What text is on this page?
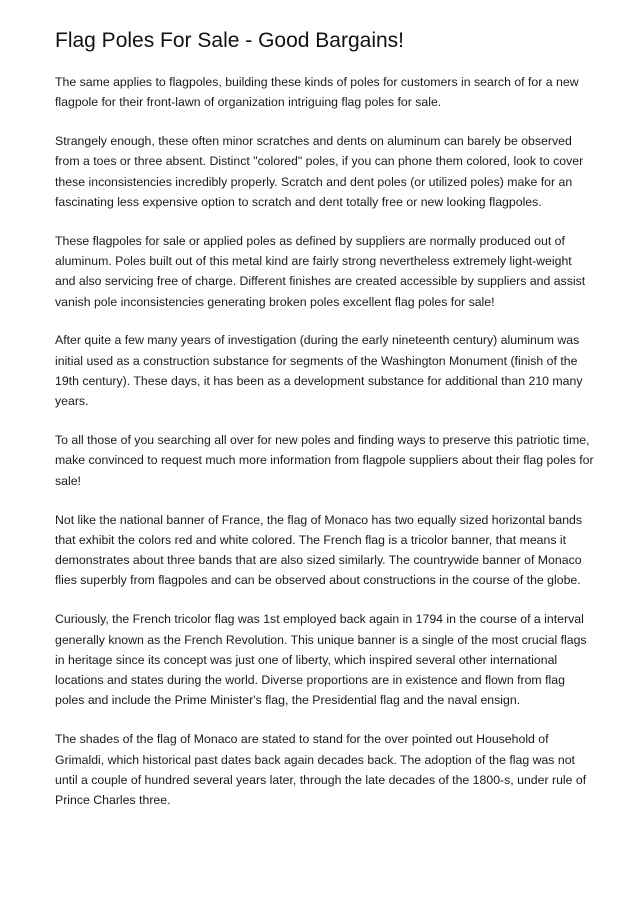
Flag Poles For Sale - Good Bargains!

The same applies to flagpoles, building these kinds of poles for customers in search of for a new flagpole for their front-lawn of organization intriguing flag poles for sale.

Strangely enough, these often minor scratches and dents on aluminum can barely be observed from a toes or three absent. Distinct "colored" poles, if you can phone them colored, look to cover these inconsistencies incredibly properly. Scratch and dent poles (or utilized poles) make for an fascinating less expensive option to scratch and dent totally free or new looking flagpoles.

These flagpoles for sale or applied poles as defined by suppliers are normally produced out of aluminum. Poles built out of this metal kind are fairly strong nevertheless extremely light-weight and also servicing free of charge. Different finishes are created accessible by suppliers and assist vanish pole inconsistencies generating broken poles excellent flag poles for sale!

After quite a few many years of investigation (during the early nineteenth century) aluminum was initial used as a construction substance for segments of the Washington Monument (finish of the 19th century). These days, it has been as a development substance for additional than 210 many years.

To all those of you searching all over for new poles and finding ways to preserve this patriotic time, make convinced to request much more information from flagpole suppliers about their flag poles for sale!

Not like the national banner of France, the flag of Monaco has two equally sized horizontal bands that exhibit the colors red and white colored. The French flag is a tricolor banner, that means it demonstrates about three bands that are also sized similarly. The countrywide banner of Monaco flies superbly from flagpoles and can be observed about constructions in the course of the globe.

Curiously, the French tricolor flag was 1st employed back again in 1794 in the course of a interval generally known as the French Revolution. This unique banner is a single of the most crucial flags in heritage since its concept was just one of liberty, which inspired several other international locations and states during the world. Diverse proportions are in existence and flown from flag poles and include the Prime Minister's flag, the Presidential flag and the naval ensign.

The shades of the flag of Monaco are stated to stand for the over pointed out Household of Grimaldi, which historical past dates back again decades back. The adoption of the flag was not until a couple of hundred several years later, through the late decades of the 1800-s, under rule of Prince Charles three.
